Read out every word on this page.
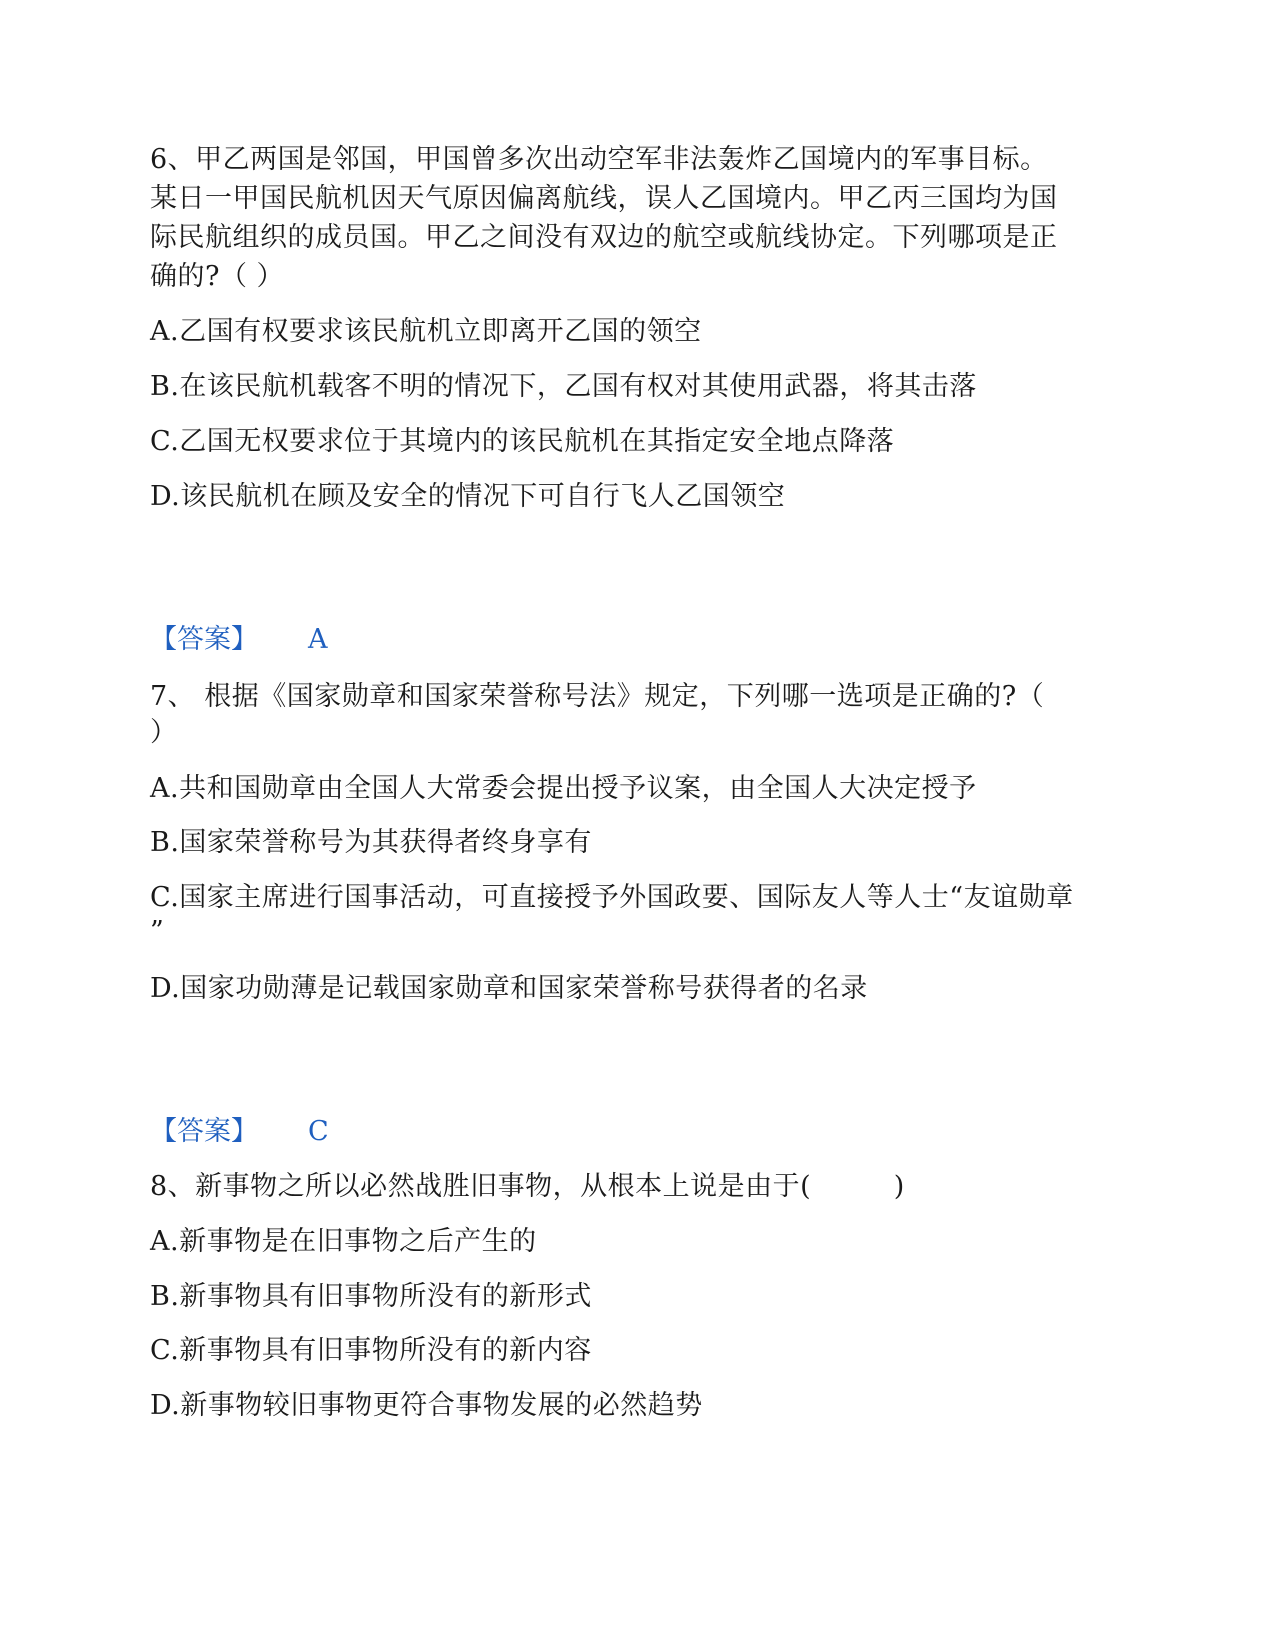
6、甲乙两国是邻国，甲国曾多次出动空军非法轰炸乙国境内的军事目标。
某日一甲国民航机因天气原因偏离航线，误人乙国境内。甲乙丙三国均为国
际民航组织的成员国。甲乙之间没有双边的航空或航线协定。下列哪项是正
确的?（ ）
A.乙国有权要求该民航机立即离开乙国的领空
B.在该民航机载客不明的情况下，乙国有权对其使用武器，将其击落
C.乙国无权要求位于其境内的该民航机在其指定安全地点降落
D.该民航机在顾及安全的情况下可自行飞人乙国领空
【答案】 A
7、 根据《国家勋章和国家荣誉称号法》规定，下列哪一选项是正确的?（
）
A.共和国勋章由全国人大常委会提出授予议案，由全国人大决定授予
B.国家荣誉称号为其获得者终身享有
C.国家主席进行国事活动，可直接授予外国政要、国际友人等人士“友谊勋章
”
D.国家功勋薄是记载国家勋章和国家荣誉称号获得者的名录
【答案】 C
8、新事物之所以必然战胜旧事物，从根本上说是由于(　　　)
A.新事物是在旧事物之后产生的
B.新事物具有旧事物所没有的新形式
C.新事物具有旧事物所没有的新内容
D.新事物较旧事物更符合事物发展的必然趋势
